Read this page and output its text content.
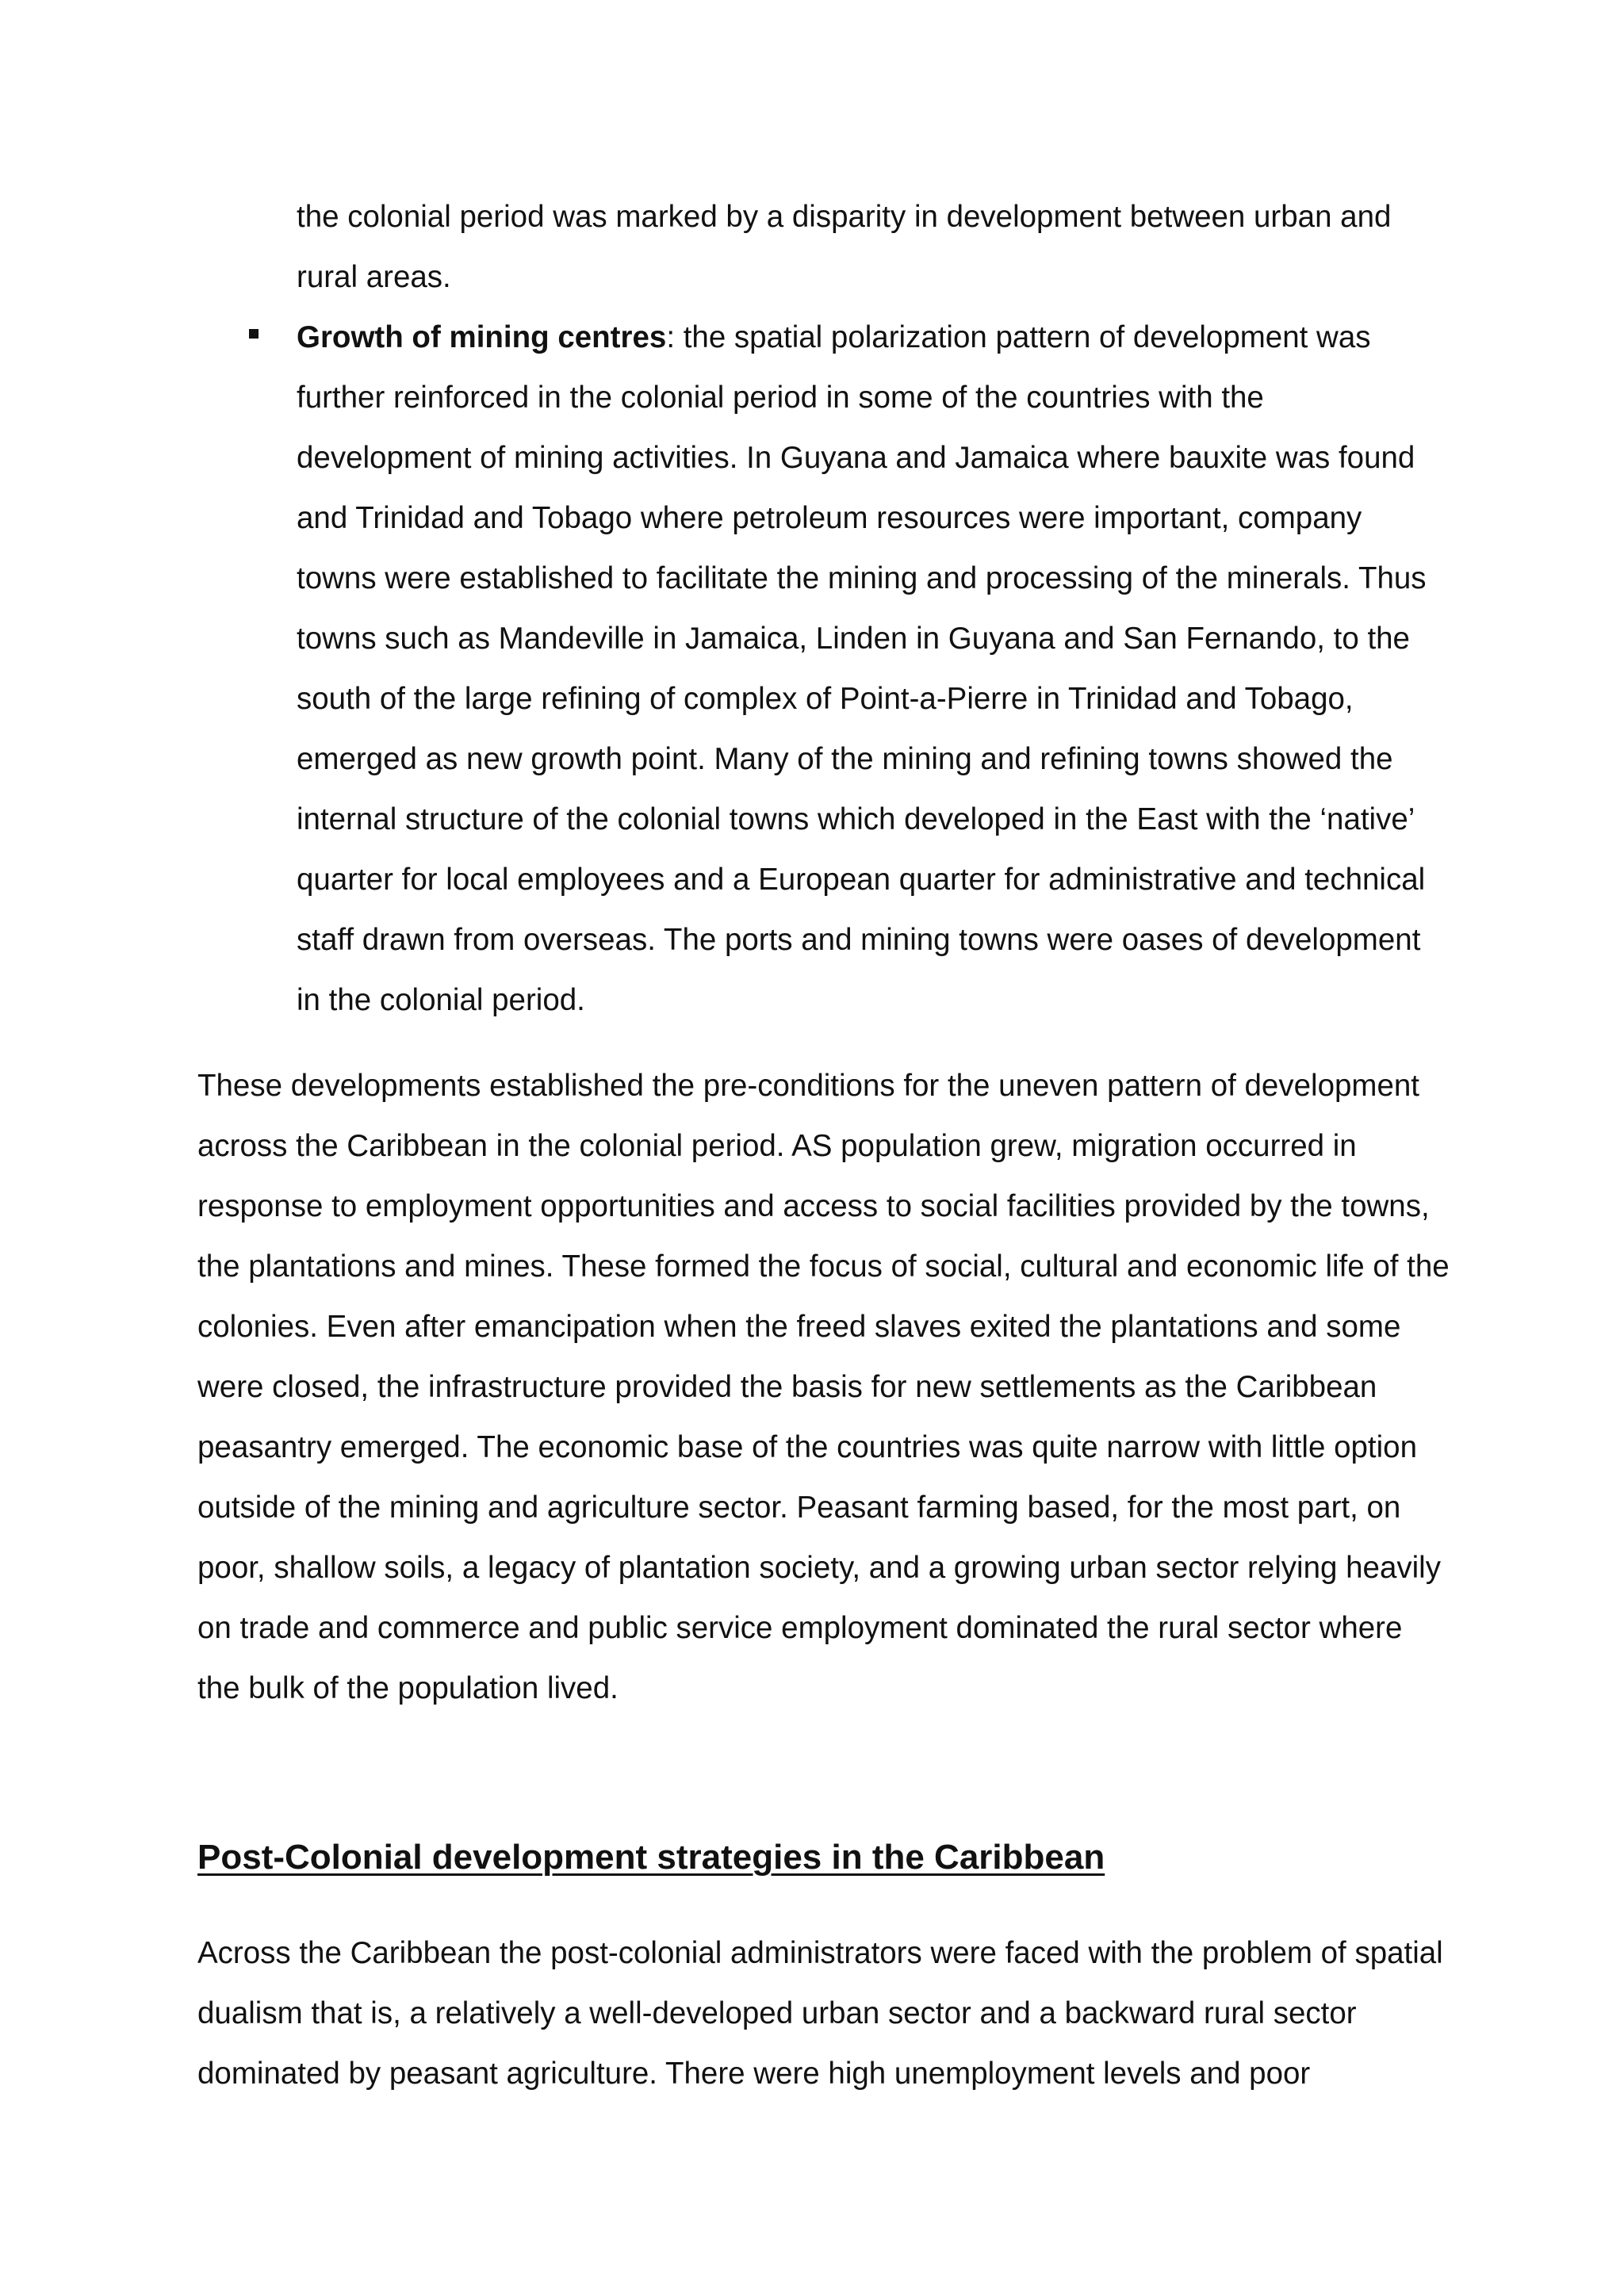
the colonial period was marked by a disparity in development between urban and rural areas.

Growth of mining centres: the spatial polarization pattern of development was further reinforced in the colonial period in some of the countries with the development of mining activities. In Guyana and Jamaica where bauxite was found and Trinidad and Tobago where petroleum resources were important, company towns were established to facilitate the mining and processing of the minerals. Thus towns such as Mandeville in Jamaica, Linden in Guyana and San Fernando, to the south of the large refining of complex of Point-a-Pierre in Trinidad and Tobago, emerged as new growth point. Many of the mining and refining towns showed the internal structure of the colonial towns which developed in the East with the ‘native’ quarter for local employees and a European quarter for administrative and technical staff drawn from overseas. The ports and mining towns were oases of development in the colonial period.

These developments established the pre-conditions for the uneven pattern of development across the Caribbean in the colonial period. AS population grew, migration occurred in response to employment opportunities and access to social facilities provided by the towns, the plantations and mines. These formed the focus of social, cultural and economic life of the colonies. Even after emancipation when the freed slaves exited the plantations and some were closed, the infrastructure provided the basis for new settlements as the Caribbean peasantry emerged. The economic base of the countries was quite narrow with little option outside of the mining and agriculture sector. Peasant farming based, for the most part, on poor, shallow soils, a legacy of plantation society, and a growing urban sector relying heavily on trade and commerce and public service employment dominated the rural sector where the bulk of the population lived.

Post-Colonial development strategies in the Caribbean

Across the Caribbean the post-colonial administrators were faced with the problem of spatial dualism that is, a relatively a well-developed urban sector and a backward rural sector dominated by peasant agriculture. There were high unemployment levels and poor
